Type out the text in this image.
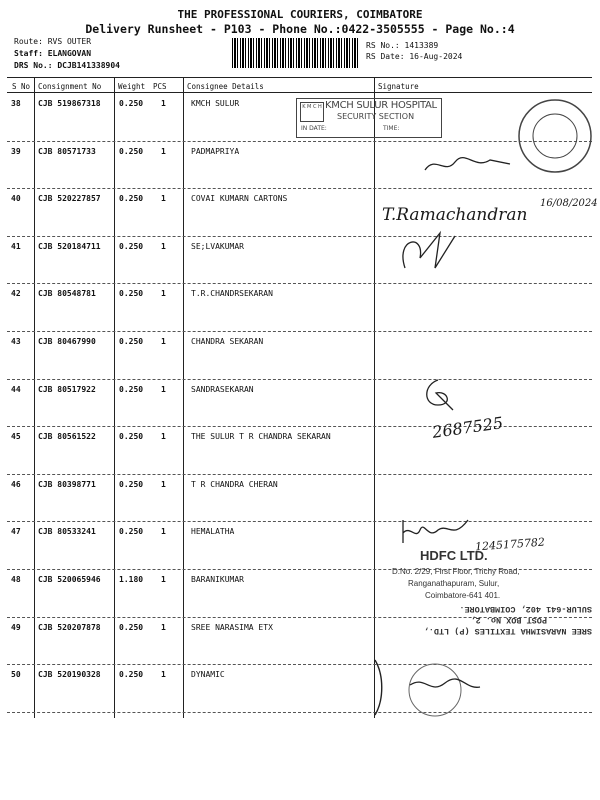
THE PROFESSIONAL COURIERS, COIMBATORE
Delivery Runsheet - P103 - Phone No.:0422-3505555 - Page No.:4
Route: RVS OUTER
Staff: ELANGOVAN
DRS No.: DCJB141338904
RS No.: 1413389
RS Date: 16-Aug-2024
S No Consignment No Weight PCS	Consignee Details	Signature
38 CJB 519867318 0.250 1	KMCH SULUR
39 CJB 80571733	0.250 1	PADMAPRIYA
40 CJB 520227857 0.250 1	COVAI KUMARN CARTONS
41 CJB 520184711 0.250 1	SE;LVAKUMAR
42 CJB 80548781	0.250 1	T.R.CHANDRSEKARAN
43 CJB 80467990	0.250 1	CHANDRA SEKARAN
44 CJB 80517922	0.250 1	SANDRASEKARAN
45 CJB 80561522	0.250 1	THE SULUR T R CHANDRA SEKARAN
46 CJB 80398771	0.250 1	T R CHANDRA CHERAN
47 CJB 80533241	0.250 1	HEMALATHA
48 CJB 520065946 1.180 1	BARANIKUMAR
49 CJB 520207878 0.250 1	SREE NARASIMA ETX
50 CJB 520190328 0.250 1	DYNAMIC
K M C H KMCH SULUR HOSPITAL
SECURITY SECTION
IN DATE:	TIME:
T.Ramachandran
16/08/2024
2687525
1245175782
HDFC LTD.
D.No. 2/29, First Floor, Trichy Road,
Ranganathapuram, Sulur,
Coimbatore-641 401.
SREE NARASIMHA TEXTILES (P) LTD.,
POST BOX No. 2,
SULUR-641 402, COIMBATORE.
